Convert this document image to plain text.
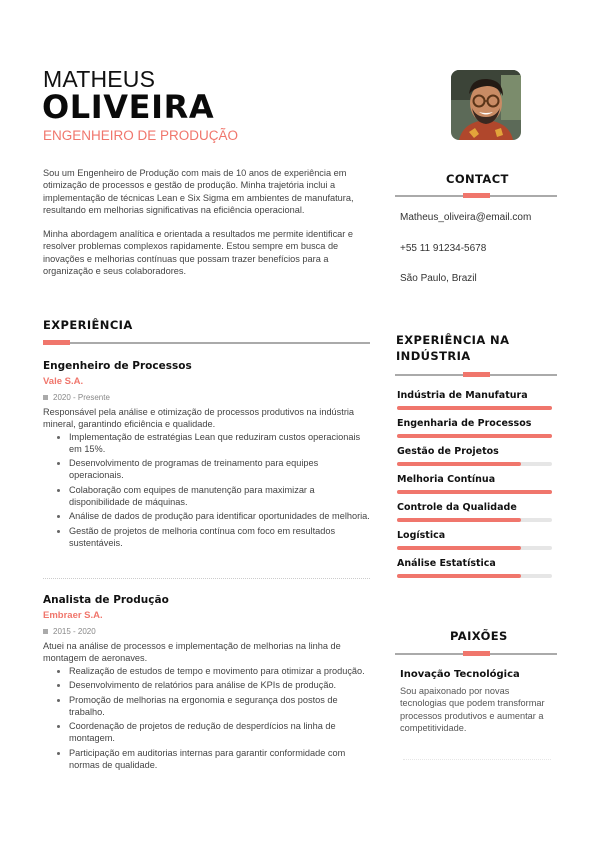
MATHEUS
OLIVEIRA
ENGENHEIRO DE PRODUÇÃO

Sou um Engenheiro de Produção com mais de 10 anos de experiência em otimização de processos e gestão de produção. Minha trajetória inclui a implementação de técnicas Lean e Six Sigma em ambientes de manufatura, resultando em melhorias significativas na eficiência operacional.

Minha abordagem analítica e orientada a resultados me permite identificar e resolver problemas complexos rapidamente. Estou sempre em busca de inovações e melhorias contínuas que possam trazer benefícios para a organização e seus colaboradores.

CONTACT
Matheus_oliveira@email.com
+55 11 91234-5678
São Paulo, Brazil
EXPERIÊNCIA
Engenheiro de Processos
Vale S.A.
2020 - Presente
Responsável pela análise e otimização de processos produtivos na indústria mineral, garantindo eficiência e qualidade.
Implementação de estratégias Lean que reduziram custos operacionais em 15%.
Desenvolvimento de programas de treinamento para equipes operacionais.
Colaboração com equipes de manutenção para maximizar a disponibilidade de máquinas.
Análise de dados de produção para identificar oportunidades de melhoria.
Gestão de projetos de melhoria contínua com foco em resultados sustentáveis.
Analista de Produção
Embraer S.A.
2015 - 2020
Atuei na análise de processos e implementação de melhorias na linha de montagem de aeronaves.
Realização de estudos de tempo e movimento para otimizar a produção.
Desenvolvimento de relatórios para análise de KPIs de produção.
Promoção de melhorias na ergonomia e segurança dos postos de trabalho.
Coordenação de projetos de redução de desperdícios na linha de montagem.
Participação em auditorias internas para garantir conformidade com normas de qualidade.
EXPERIÊNCIA NA INDÚSTRIA
Indústria de Manufatura
Engenharia de Processos
Gestão de Projetos
Melhoria Contínua
Controle da Qualidade
Logística
Análise Estatística
PAIXÕES
Inovação Tecnológica
Sou apaixonado por novas tecnologias que podem transformar processos produtivos e aumentar a competitividade.
